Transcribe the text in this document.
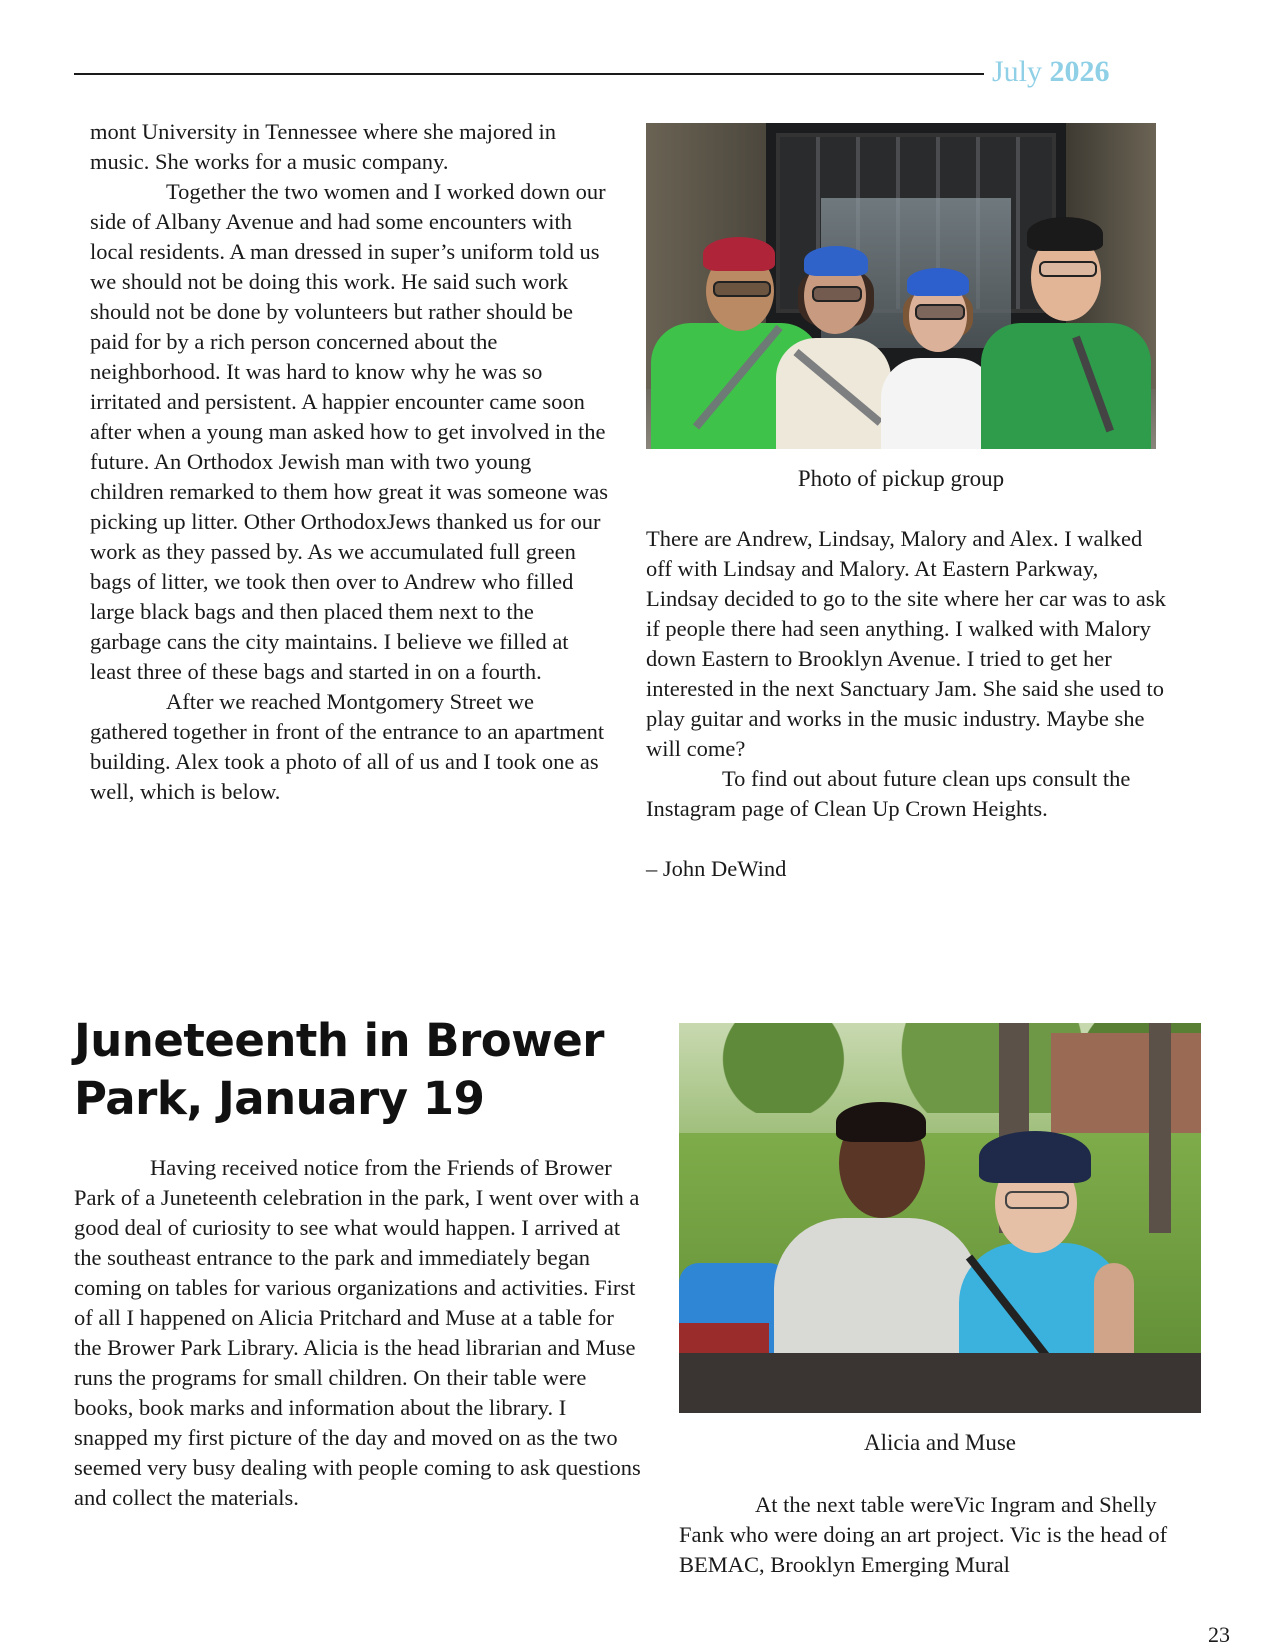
July 2026

mont University in Tennessee where she majored in music. She works for a music company.

Together the two women and I worked down our side of Albany Avenue and had some encounters with local residents. A man dressed in super’s uniform told us we should not be doing this work. He said such work should not be done by volunteers but rather should be paid for by a rich person concerned about the neighborhood. It was hard to know why he was so irritated and persistent. A happier encounter came soon after when a young man asked how to get involved in the future. An Orthodox Jewish man with two young children remarked to them how great it was someone was picking up litter. Other OrthodoxJews thanked us for our work as they passed by. As we accumulated full green bags of litter, we took then over to Andrew who filled large black bags and then placed them next to the garbage cans the city maintains. I believe we filled at least three of these bags and started in on a fourth.

After we reached Montgomery Street we gathered together in front of the entrance to an apartment building. Alex took a photo of all of us and I took one as well, which is below.

Photo of pickup group

There are Andrew, Lindsay, Malory and Alex. I walked off with Lindsay and Malory. At Eastern Parkway, Lindsay decided to go to the site where her car was to ask if people there had seen anything. I walked with Malory down Eastern to Brooklyn Avenue. I tried to get her interested in the next Sanctuary Jam. She said she used to play guitar and works in the music industry. Maybe she will come?

To find out about future clean ups consult the Instagram page of Clean Up Crown Heights.

– John DeWind

Juneteenth in Brower Park, January 19

Having received notice from the Friends of Brower Park of a Juneteenth celebration in the park, I went over with a good deal of curiosity to see what would happen. I arrived at the southeast entrance to the park and immediately began coming on tables for various organizations and activities. First of all I happened on Alicia Pritchard and Muse at a table for the Brower Park Library. Alicia is the head librarian and Muse runs the programs for small children. On their table were books, book marks and information about the library. I snapped my first picture of the day and moved on as the two seemed very busy dealing with people coming to ask questions and collect the materials.

Alicia and Muse

At the next table wereVic Ingram and Shelly Fank who were doing an art project. Vic is the head of BEMAC, Brooklyn Emerging Mural

23
